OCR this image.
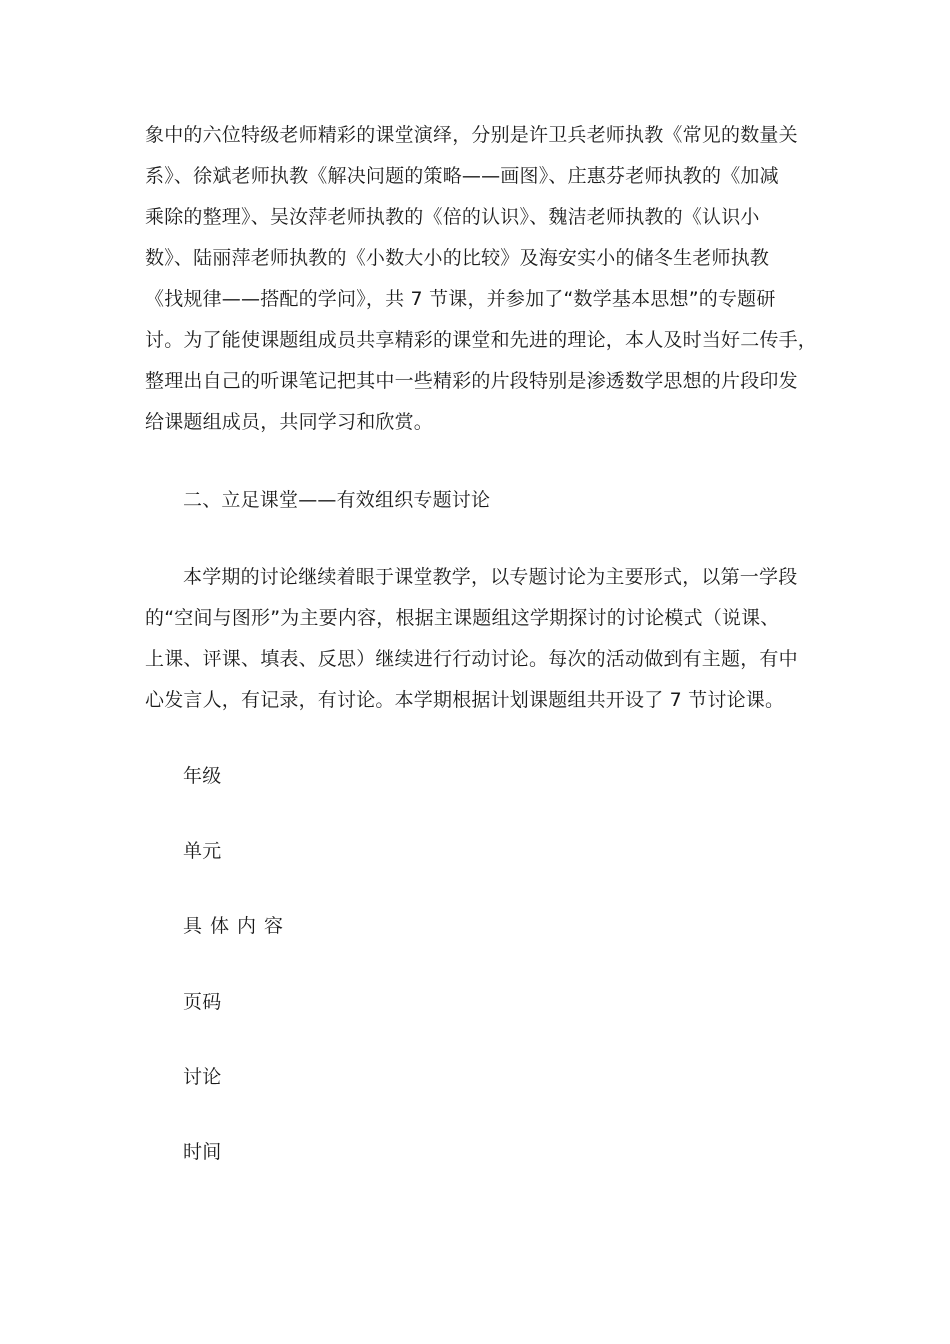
象中的六位特级老师精彩的课堂演绎，分别是许卫兵老师执教《常见的数量关
系》、徐斌老师执教《解决问题的策略——画图》、庄惠芬老师执教的《加减
乘除的整理》、吴汝萍老师执教的《倍的认识》、魏洁老师执教的《认识小
数》、陆丽萍老师执教的《小数大小的比较》及海安实小的储冬生老师执教
《找规律——搭配的学问》，共 7 节课，并参加了“数学基本思想”的专题研
讨。为了能使课题组成员共享精彩的课堂和先进的理论，本人及时当好二传手，
整理出自己的听课笔记把其中一些精彩的片段特别是渗透数学思想的片段印发
给课题组成员，共同学习和欣赏。
二、立足课堂——有效组织专题讨论
本学期的讨论继续着眼于课堂教学，以专题讨论为主要形式，以第一学段
的“空间与图形”为主要内容，根据主课题组这学期探讨的讨论模式（说课、
上课、评课、填表、反思）继续进行行动讨论。每次的活动做到有主题，有中
心发言人，有记录，有讨论。本学期根据计划课题组共开设了 7 节讨论课。
年级
单元
具体内容
页码
讨论
时间
